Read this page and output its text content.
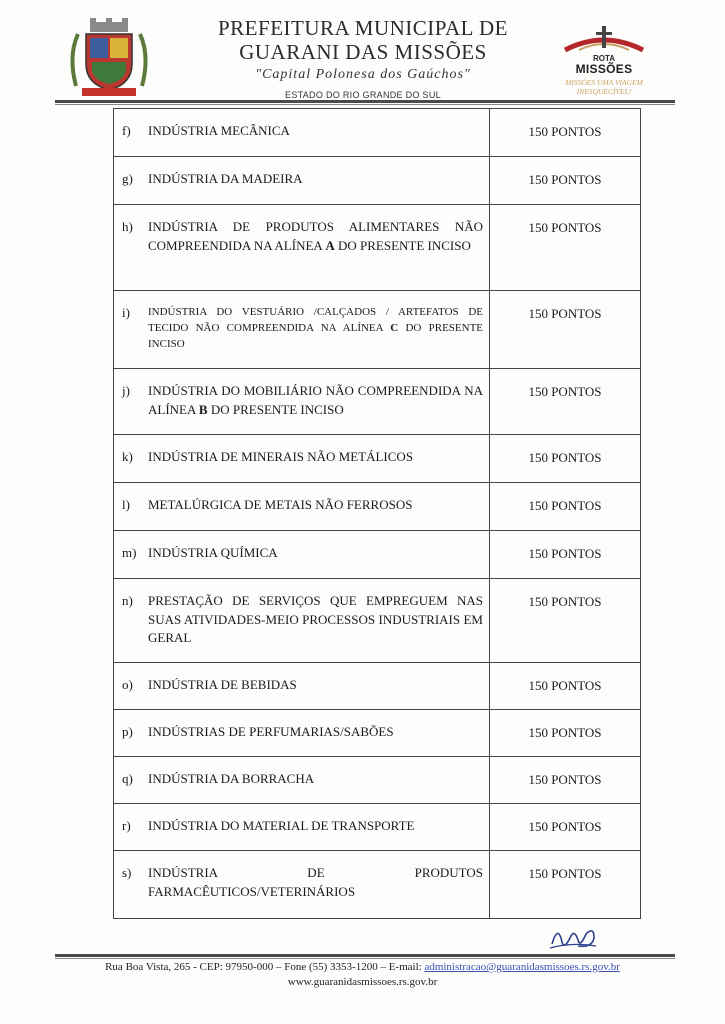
PREFEITURA MUNICIPAL DE
GUARANI DAS MISSÕES
"Capital Polonesa dos Gaúchos"
ESTADO DO RIO GRANDE DO SUL
ROTA
MISSÕES
MISSÕES UMA VIAGEM
INESQUECÍVEL!
f) INDÚSTRIA MECÂNICA	150 PONTOS

g) INDÚSTRIA DA MADEIRA	150 PONTOS

h) INDÚSTRIA DE PRODUTOS ALIMENTARES NÃO COMPREENDIDA NA ALÍNEA A DO PRESENTE INCISO	150 PONTOS

i) INDÚSTRIA DO VESTUÁRIO /CALÇADOS / ARTEFATOS DE TECIDO NÃO COMPREENDIDA NA ALÍNEA C DO PRESENTE INCISO	150 PONTOS

j) INDÚSTRIA DO MOBILIÁRIO NÃO COMPREENDIDA NA ALÍNEA B DO PRESENTE INCISO	150 PONTOS

k) INDÚSTRIA DE MINERAIS NÃO METÁLICOS	150 PONTOS

l) METALÚRGICA DE METAIS NÃO FERROSOS	150 PONTOS

m) INDÚSTRIA QUÍMICA	150 PONTOS

n) PRESTAÇÃO DE SERVIÇOS QUE EMPREGUEM NAS SUAS ATIVIDADES-MEIO PROCESSOS INDUSTRIAIS EM GERAL	150 PONTOS

o) INDÚSTRIA DE BEBIDAS	150 PONTOS

p) INDÚSTRIAS DE PERFUMARIAS/SABÕES	150 PONTOS

q) INDÚSTRIA DA BORRACHA	150 PONTOS

r) INDÚSTRIA DO MATERIAL DE TRANSPORTE	150 PONTOS

s) INDÚSTRIA DE PRODUTOS FARMACÊUTICOS/VETERINÁRIOS	150 PONTOS
Rua Boa Vista, 265 - CEP: 97950-000 – Fone (55) 3353-1200 – E-mail: administracao@guaranidasmissoes.rs.gov.br
www.guaranidasmissoes.rs.gov.br
